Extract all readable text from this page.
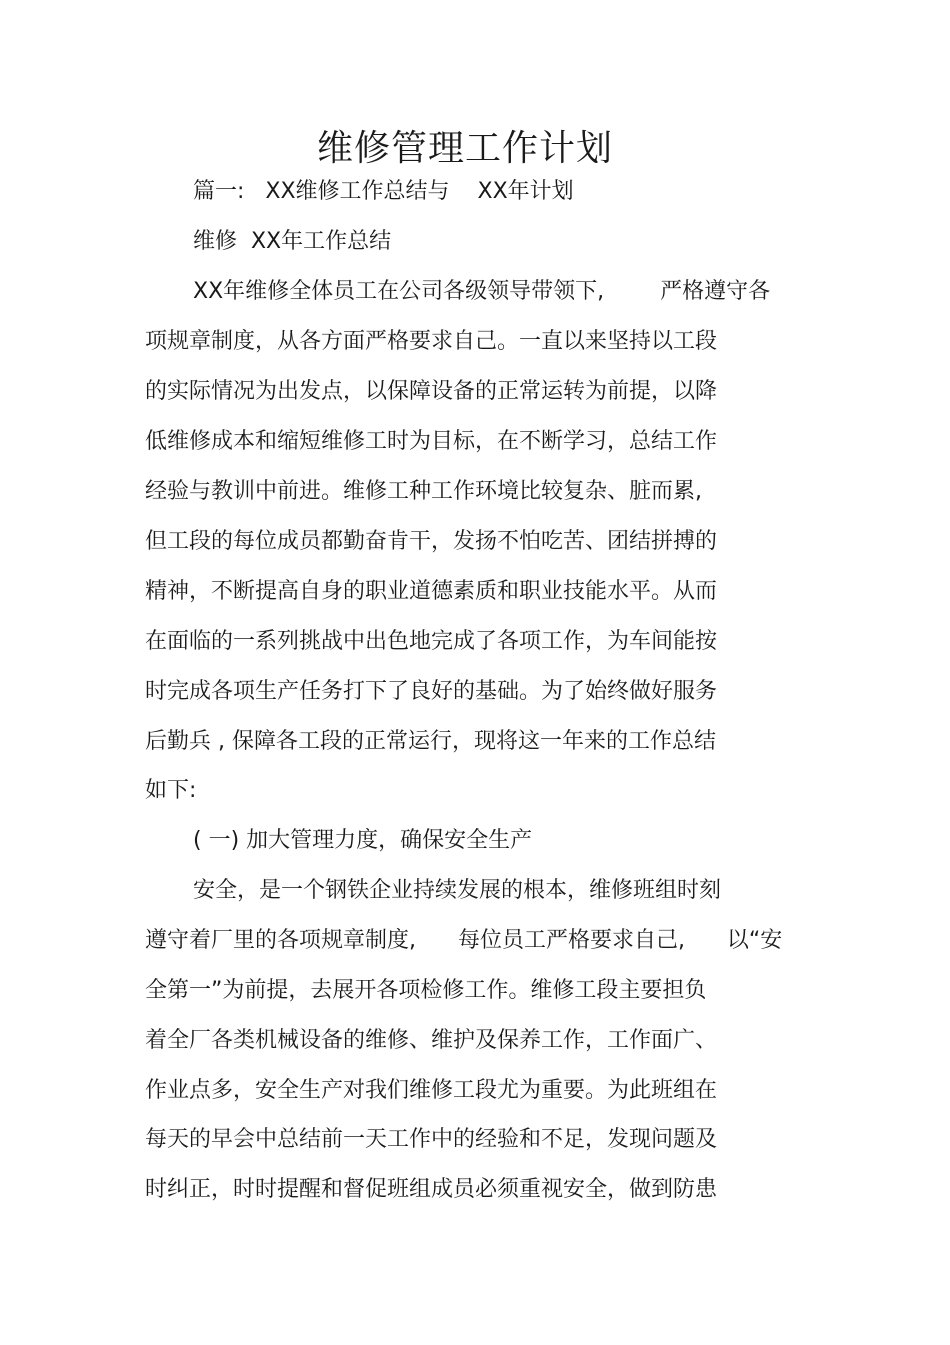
维修管理工作计划
篇一:   XX维修工作总结与    XX年计划
维修  XX年工作总结
XX年维修全体员工在公司各级领导带领下,        严格遵守各
项规章制度，从各方面严格要求自己。一直以来坚持以工段
的实际情况为出发点，以保障设备的正常运转为前提，以降
低维修成本和缩短维修工时为目标，在不断学习，总结工作
经验与教训中前进。维修工种工作环境比较复杂、脏而累,
但工段的每位成员都勤奋肯干，发扬不怕吃苦、团结拼搏的
精神，不断提高自身的职业道德素质和职业技能水平。从而
在面临的一系列挑战中出色地完成了各项工作，为车间能按
时完成各项生产任务打下了良好的基础。为了始终做好服务
后勤兵 , 保障各工段的正常运行，现将这一年来的工作总结
如下:
( 一) 加大管理力度，确保安全生产
安全，是一个钢铁企业持续发展的根本，维修班组时刻
遵守着厂里的各项规章制度,      每位员工严格要求自己,      以“安
全第一”为前提，去展开各项检修工作。维修工段主要担负
着全厂各类机械设备的维修、维护及保养工作，工作面广、
作业点多，安全生产对我们维修工段尤为重要。为此班组在
每天的早会中总结前一天工作中的经验和不足，发现问题及
时纠正，时时提醒和督促班组成员必须重视安全，做到防患
